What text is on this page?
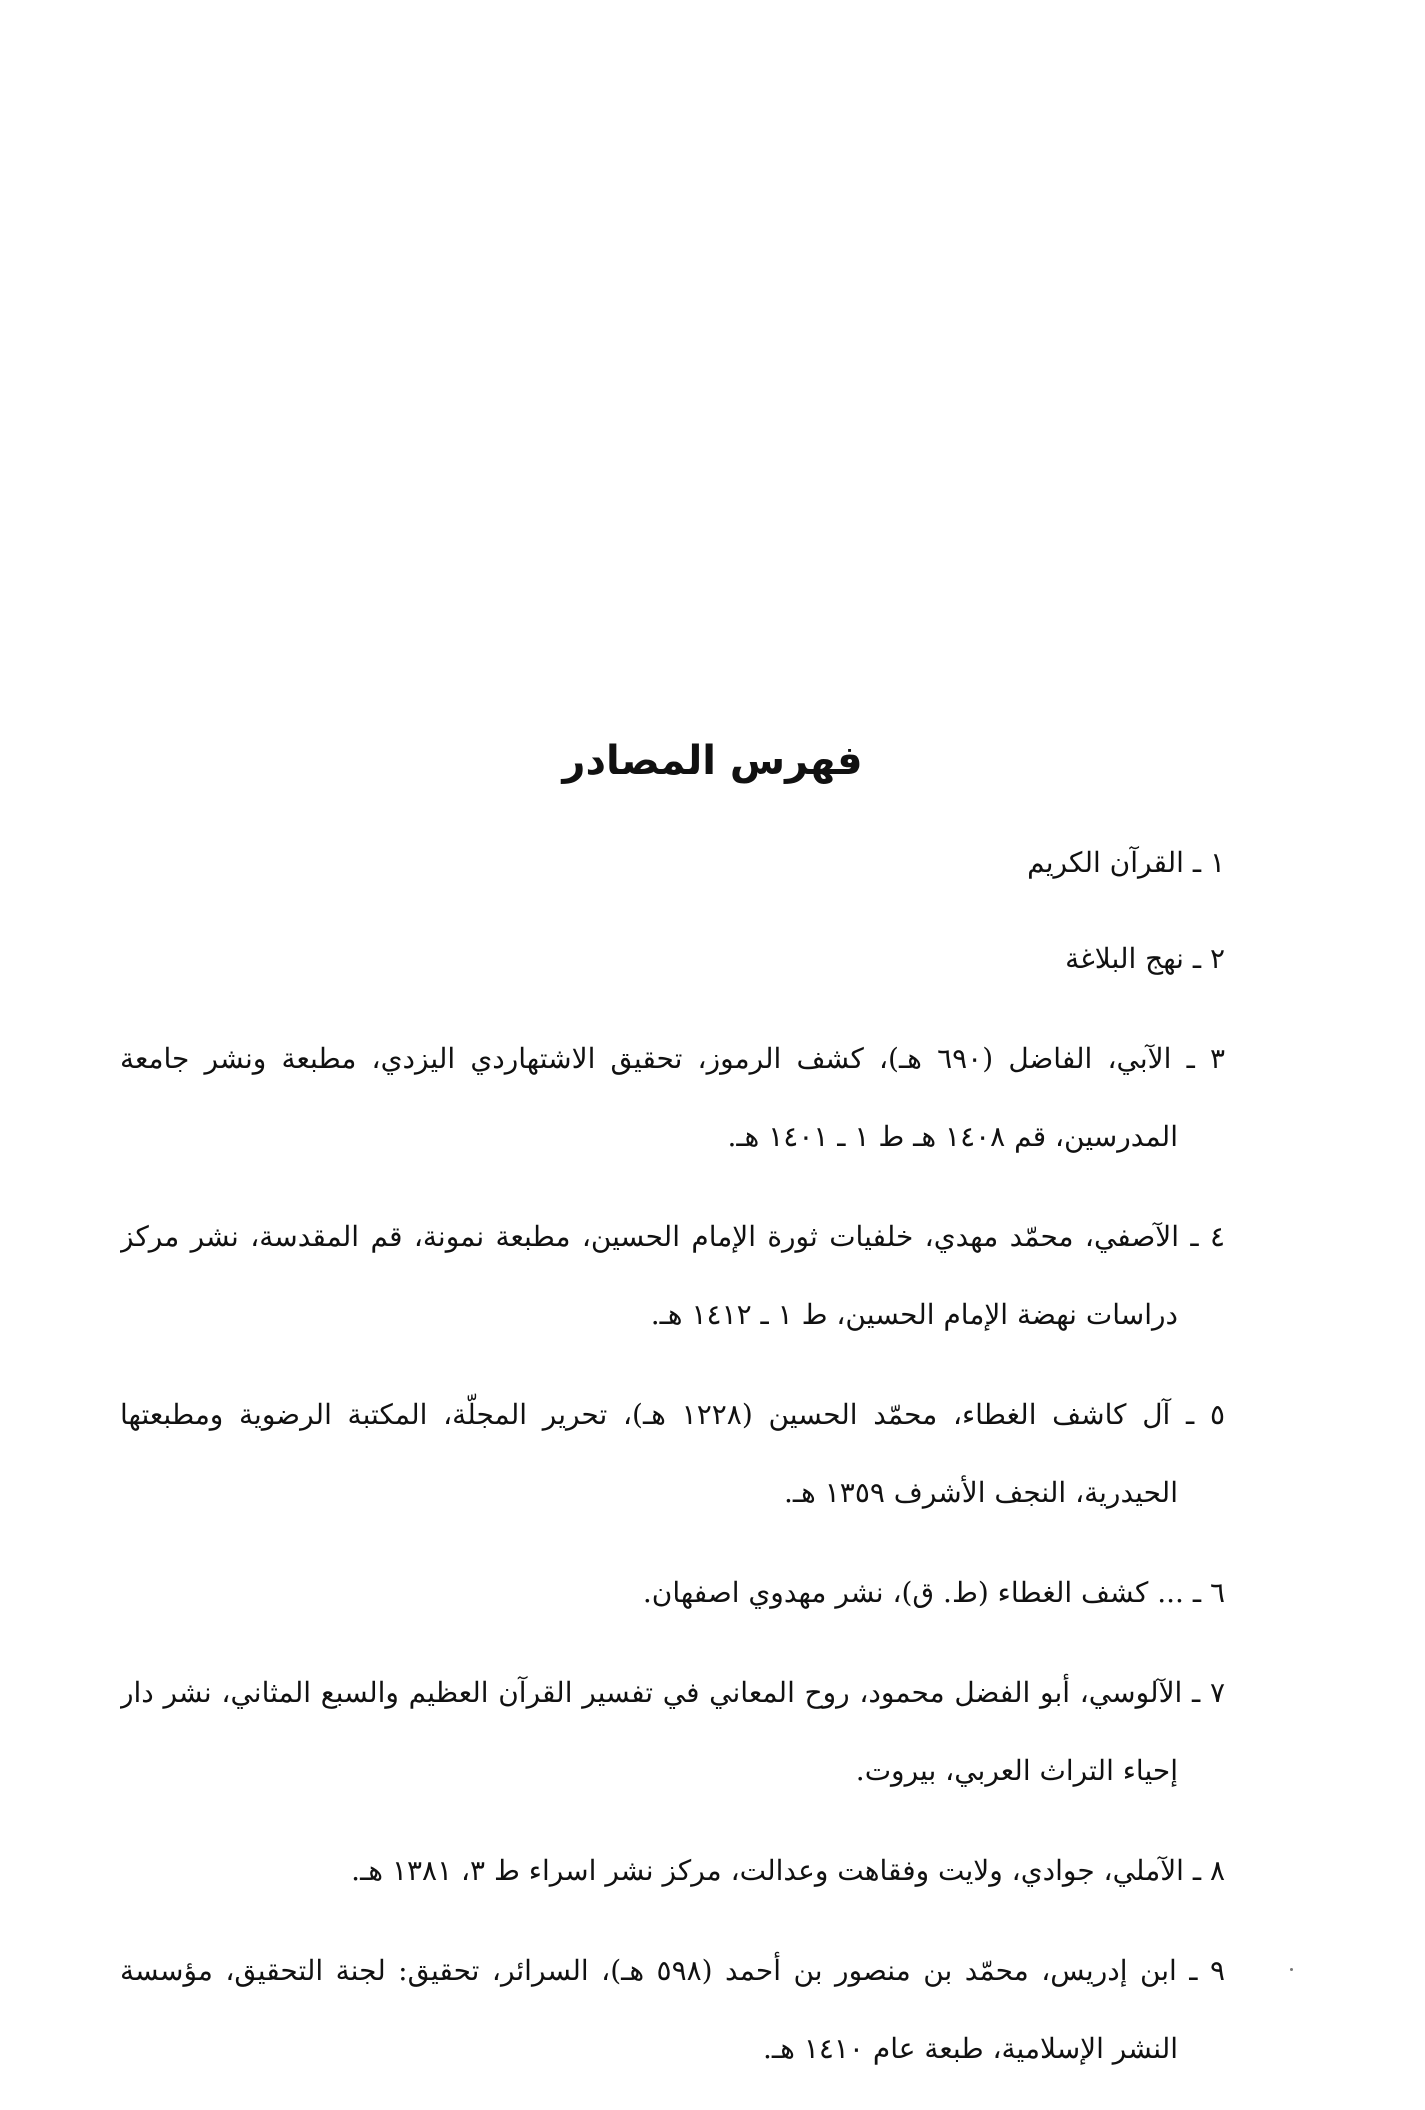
فهرس المصادر
١ ـ القرآن الكريم
٢ ـ نهج البلاغة
٣ ـ الآبي، الفاضل (٦٩٠ هـ)، كشف الرموز، تحقيق الاشتهاردي اليزدي، مطبعة ونشر جامعة
المدرسين، قم ١٤٠٨ هـ ط ١ ـ ١٤٠١ هـ.
٤ ـ الآصفي، محمّد مهدي، خلفيات ثورة الإمام الحسين، مطبعة نمونة، قم المقدسة، نشر مركز
دراسات نهضة الإمام الحسين، ط ١ ـ ١٤١٢ هـ.
٥ ـ آل كاشف الغطاء، محمّد الحسين (١٢٢٨ هـ)، تحرير المجلّة، المكتبة الرضوية ومطبعتها
الحيدرية، النجف الأشرف ١٣٥٩ هـ.
٦ ـ ... كشف الغطاء (ط. ق)، نشر مهدوي اصفهان.
٧ ـ الآلوسي، أبو الفضل محمود، روح المعاني في تفسير القرآن العظيم والسبع المثاني، نشر دار
إحياء التراث العربي، بيروت.
٨ ـ الآملي، جوادي، ولايت وفقاهت وعدالت، مركز نشر اسراء ط ٣، ١٣٨١ هـ.
٩ ـ ابن إدريس، محمّد بن منصور بن أحمد (٥٩٨ هـ)، السرائر، تحقيق: لجنة التحقيق، مؤسسة
النشر الإسلامية، طبعة عام ١٤١٠ هـ.
